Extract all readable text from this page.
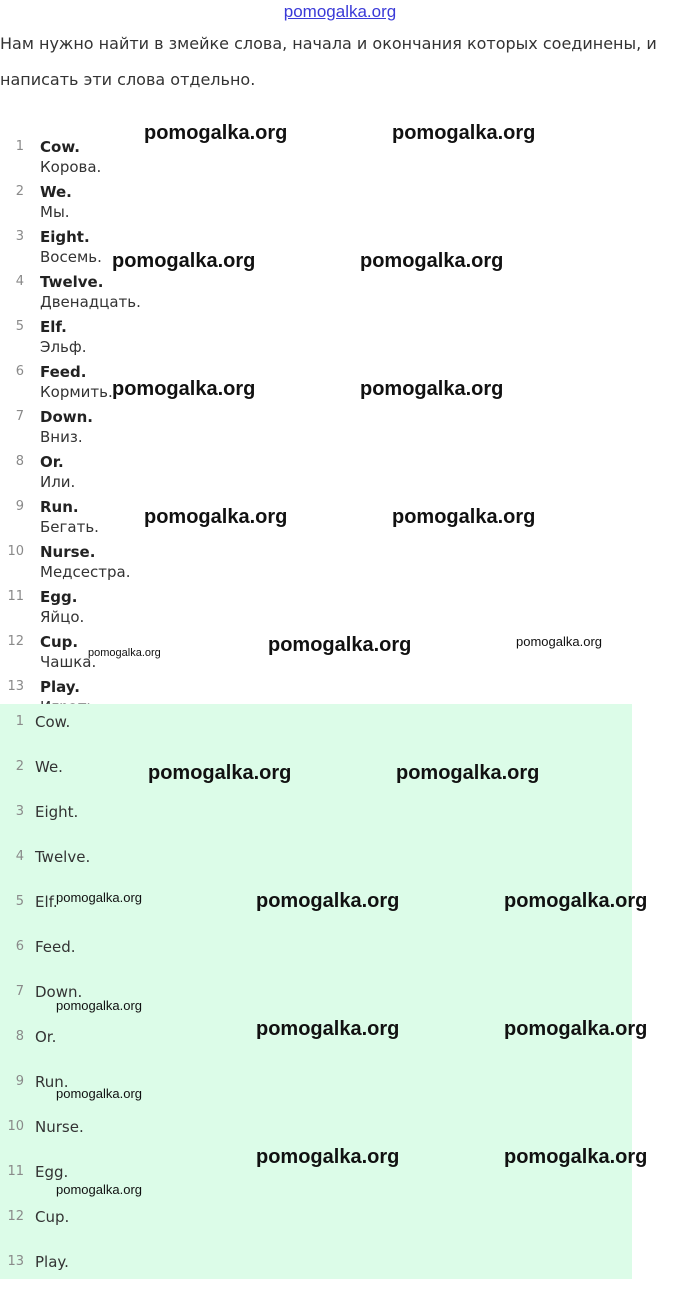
pomogalka.org
Нам нужно найти в змейке слова, начала и окончания которых соединены, и написать эти слова отдельно.
1 Cow. Корова.
2 We. Мы.
3 Eight. Восемь.
4 Twelve. Двенадцать.
5 Elf. Эльф.
6 Feed. Кормить.
7 Down. Вниз.
8 Or. Или.
9 Run. Бегать.
10 Nurse. Медсестра.
11 Egg. Яйцо.
12 Cup. Чашка.
13 Play.
1 Cow.
2 We.
3 Eight.
4 Twelve.
5 Elf.
6 Feed.
7 Down.
8 Or.
9 Run.
10 Nurse.
11 Egg.
12 Cup.
13 Play.
pomogalka.org	pomogalka.org
pomogalka.org	pomogalka.org
pomogalka.org	pomogalka.org
pomogalka.org	pomogalka.org
pomogalka.org	pomogalka.org
pomogalka.org
pomogalka.org	pomogalka.org
pomogalka.org	pomogalka.org	pomogalka.org
pomogalka.org
pomogalka.org	pomogalka.org
pomogalka.org
pomogalka.org	pomogalka.org
pomogalka.org
